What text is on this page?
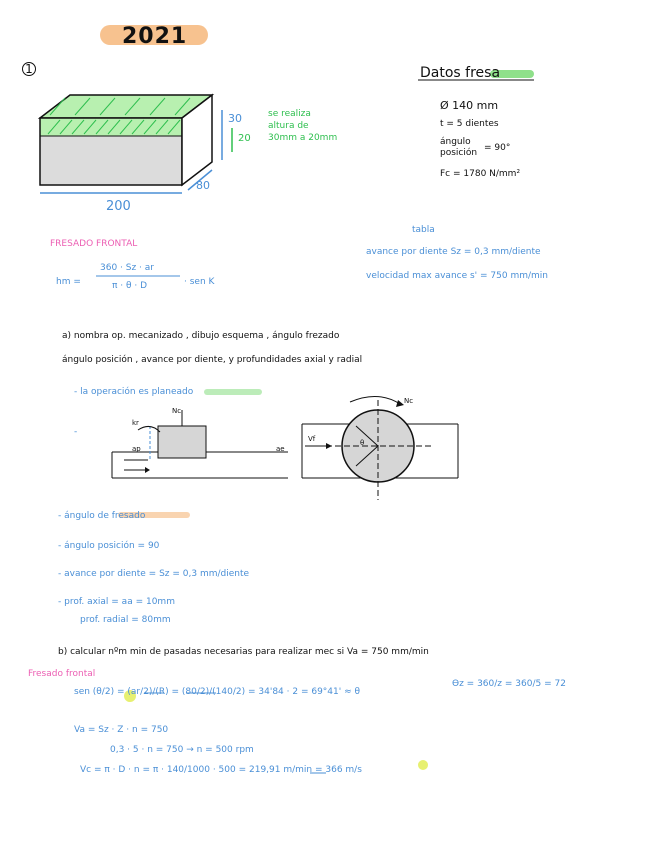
2021
1
200
80
30
20
se realiza
altura de
30mm a 20mm
Datos fresa
Ø 140 mm
t = 5 dientes
ángulo
posición = 90°
Fc = 1780 N/mm²
FRESADO FRONTAL
hm =
360 · Sz · ar
π · θ · D	· sen K
tabla
avance por diente Sz = 0,3 mm/diente
velocidad max avance s' = 750 mm/min
a) nombra op. mecanizado , dibujo esquema , ángulo frezado
ángulo posición , avance por diente, y profundidades axial y radial
- la operación es planeado
-
ap
kr
Nc
ae
Vf	θ
Nc
- ángulo de fresado
- ángulo posición = 90
- avance por diente = Sz = 0,3 mm/diente
- prof. axial = aa = 10mm
prof. radial = 80mm
b) calcular nºm min de pasadas necesarias para realizar mec si Va = 750 mm/min
Fresado frontal
sen (θ/2) = (ar/2)/(R) = (80/2)/(140/2) = 34'84 · 2 = 69°41' ≈ θ
Ɵz = 360/z = 360/5 = 72
Va = Sz · Z · n = 750
0,3 · 5 · n = 750 → n = 500 rpm
Vc = π · D · n = π · 140/1000 · 500 = 219,91 m/min = 366 m/s
